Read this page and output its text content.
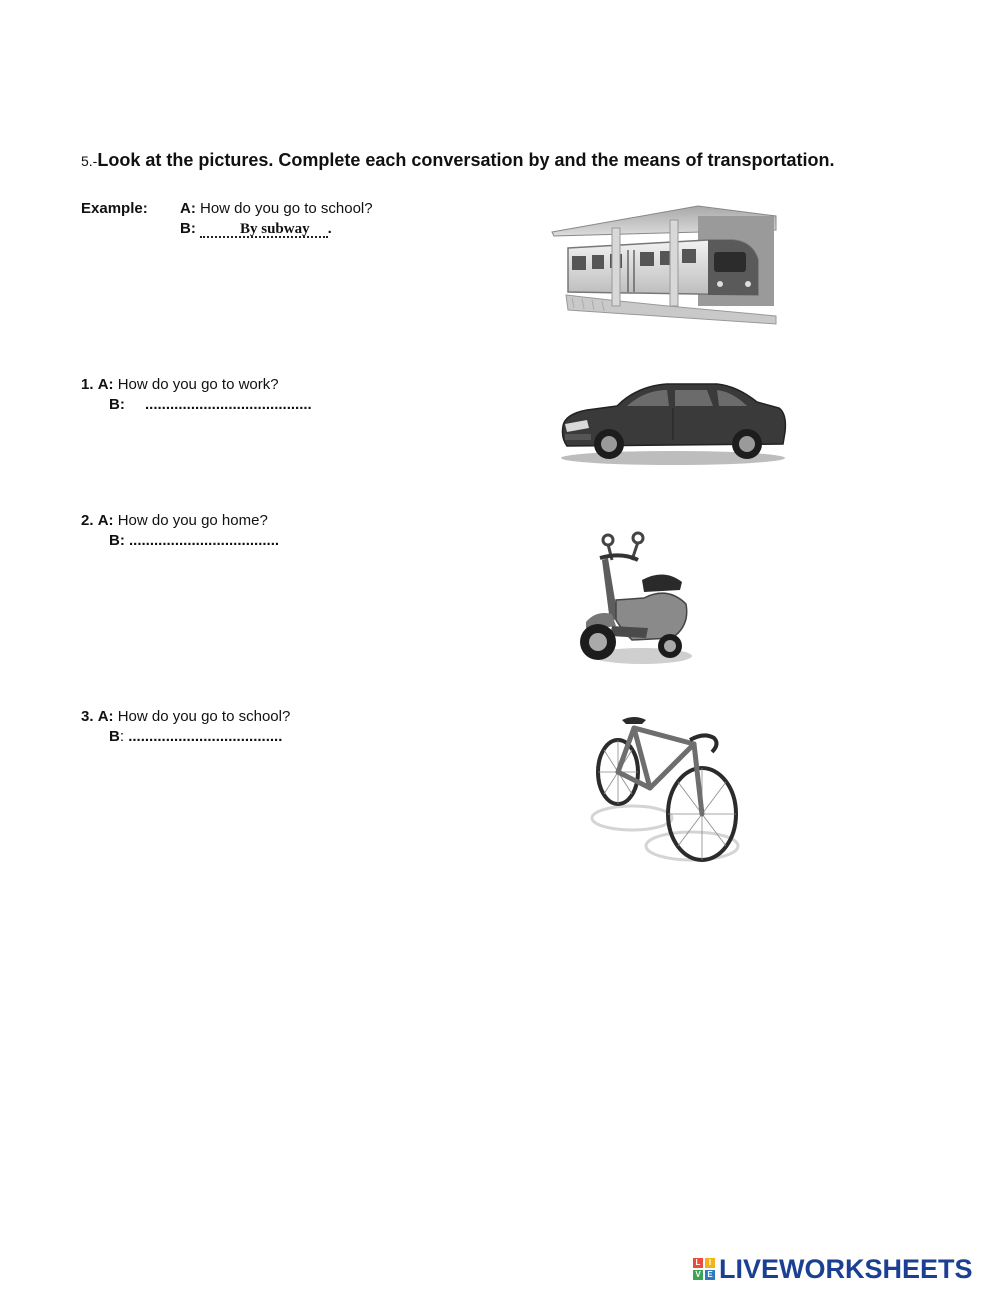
5.-Look at the pictures. Complete each conversation by and the means of transportation.
Example: A: How do you go to school?
B:	By subway .
1. A: How do you go to work?
B: ........................................
2. A: How do you go home?
B: ....................................
3. A: How do you go to school?
B: .....................................
L	I
V E LIVEWORKSHEETS
